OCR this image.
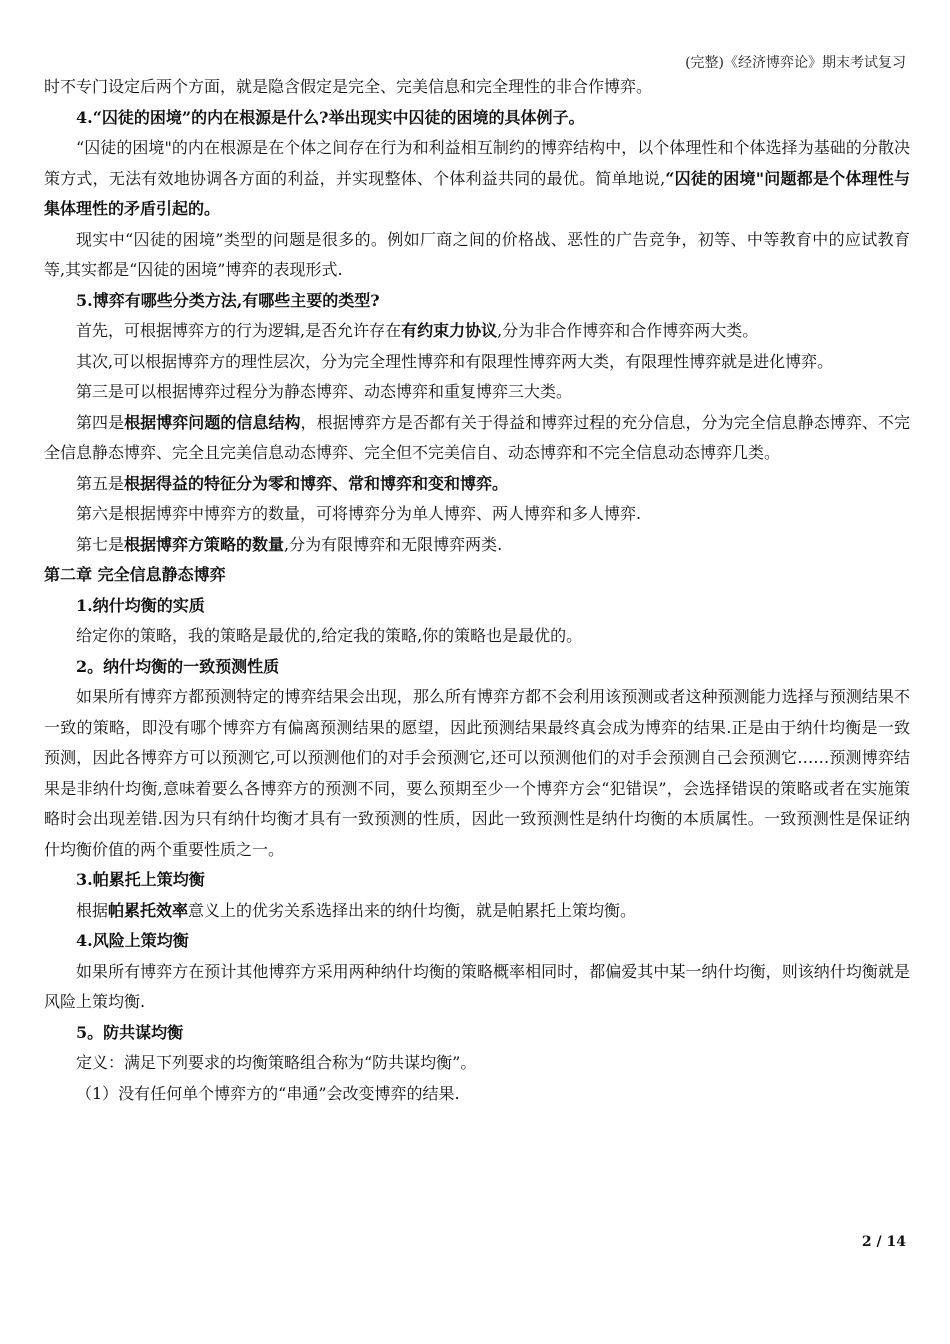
(完整)《经济博弈论》期末考试复习

时不专门设定后两个方面，就是隐含假定是完全、完美信息和完全理性的非合作博弈。

4.“囚徒的困境”的内在根源是什么?举出现实中囚徒的困境的具体例子。

“囚徒的困境"的内在根源是在个体之间存在行为和利益相互制约的博弈结构中，以个体理性和个体选择为基础的分散决策方式，无法有效地协调各方面的利益，并实现整体、个体利益共同的最优。简单地说,“囚徒的困境"问题都是个体理性与集体理性的矛盾引起的。

现实中“囚徒的困境”类型的问题是很多的。例如厂商之间的价格战、恶性的广告竞争，初等、中等教育中的应试教育等,其实都是“囚徒的困境”博弈的表现形式.

5.博弈有哪些分类方法,有哪些主要的类型?

首先，可根据博弈方的行为逻辑,是否允许存在有约束力协议,分为非合作博弈和合作博弈两大类。

其次,可以根据博弈方的理性层次，分为完全理性博弈和有限理性博弈两大类，有限理性博弈就是进化博弈。

第三是可以根据博弈过程分为静态博弈、动态博弈和重复博弈三大类。

第四是根据博弈问题的信息结构，根据博弈方是否都有关于得益和博弈过程的充分信息，分为完全信息静态博弈、不完全信息静态博弈、完全且完美信息动态博弈、完全但不完美信自、动态博弈和不完全信息动态博弈几类。

第五是根据得益的特征分为零和博弈、常和博弈和变和博弈。

第六是根据博弈中博弈方的数量，可将博弈分为单人博弈、两人博弈和多人博弈.

第七是根据博弈方策略的数量,分为有限博弈和无限博弈两类.

第二章 完全信息静态博弈

1.纳什均衡的实质

给定你的策略，我的策略是最优的,给定我的策略,你的策略也是最优的。

2。纳什均衡的一致预测性质

如果所有博弈方都预测特定的博弈结果会出现，那么所有博弈方都不会利用该预测或者这种预测能力选择与预测结果不一致的策略，即没有哪个博弈方有偏离预测结果的愿望，因此预测结果最终真会成为博弈的结果.正是由于纳什均衡是一致预测，因此各博弈方可以预测它,可以预测他们的对手会预测它,还可以预测他们的对手会预测自己会预测它……预测博弈结果是非纳什均衡,意味着要么各博弈方的预测不同，要么预期至少一个博弈方会“犯错误”，会选择错误的策略或者在实施策略时会出现差错.因为只有纳什均衡才具有一致预测的性质，因此一致预测性是纳什均衡的本质属性。一致预测性是保证纳什均衡价值的两个重要性质之一。

3.帕累托上策均衡

根据帕累托效率意义上的优劣关系选择出来的纳什均衡，就是帕累托上策均衡。

4.风险上策均衡

如果所有博弈方在预计其他博弈方采用两种纳什均衡的策略概率相同时，都偏爱其中某一纳什均衡，则该纳什均衡就是风险上策均衡.

5。防共谋均衡

定义：满足下列要求的均衡策略组合称为“防共谋均衡”。

（1）没有任何单个博弈方的“串通”会改变博弈的结果.

2 / 14
